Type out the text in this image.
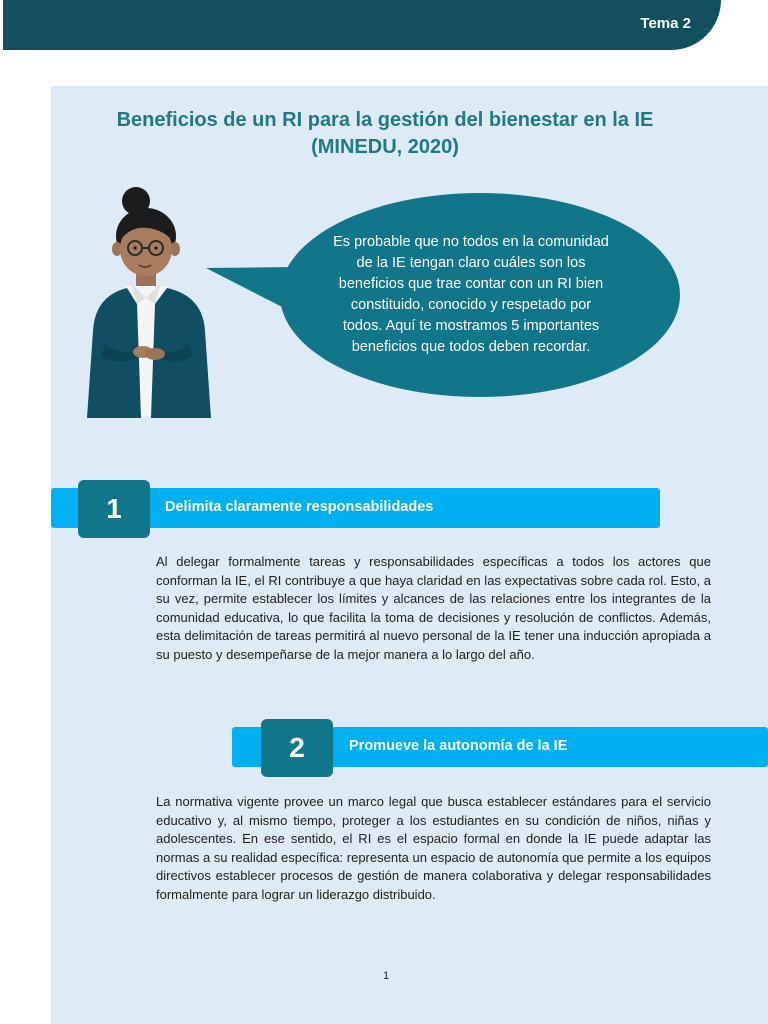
Tema 2
Beneficios de un RI para la gestión del bienestar en la IE
(MINEDU, 2020)
Es probable que no todos en la comunidad de la IE tengan claro cuáles son los beneficios que trae contar con un RI bien constituido, conocido y respetado por todos. Aquí te mostramos 5 importantes beneficios que todos deben recordar.
1	Delimita claramente responsabilidades

Al delegar formalmente tareas y responsabilidades específicas a todos los actores que conforman la IE, el RI contribuye a que haya claridad en las expectativas sobre cada rol. Esto, a su vez, permite establecer los límites y alcances de las relaciones entre los integrantes de la comunidad educativa, lo que facilita la toma de decisiones y resolución de conflictos. Además, esta delimitación de tareas permitirá al nuevo personal de la IE tener una inducción apropiada a su puesto y desempeñarse de la mejor manera a lo largo del año.

2	Promueve la autonomía de la IE

La normativa vigente provee un marco legal que busca establecer estándares para el servicio educativo y, al mismo tiempo, proteger a los estudiantes en su condición de niños, niñas y adolescentes. En ese sentido, el RI es el espacio formal en donde la IE puede adaptar las normas a su realidad específica: representa un espacio de autonomía que permite a los equipos directivos establecer procesos de gestión de manera colaborativa y delegar responsabilidades formalmente para lograr un liderazgo distribuido.

1
